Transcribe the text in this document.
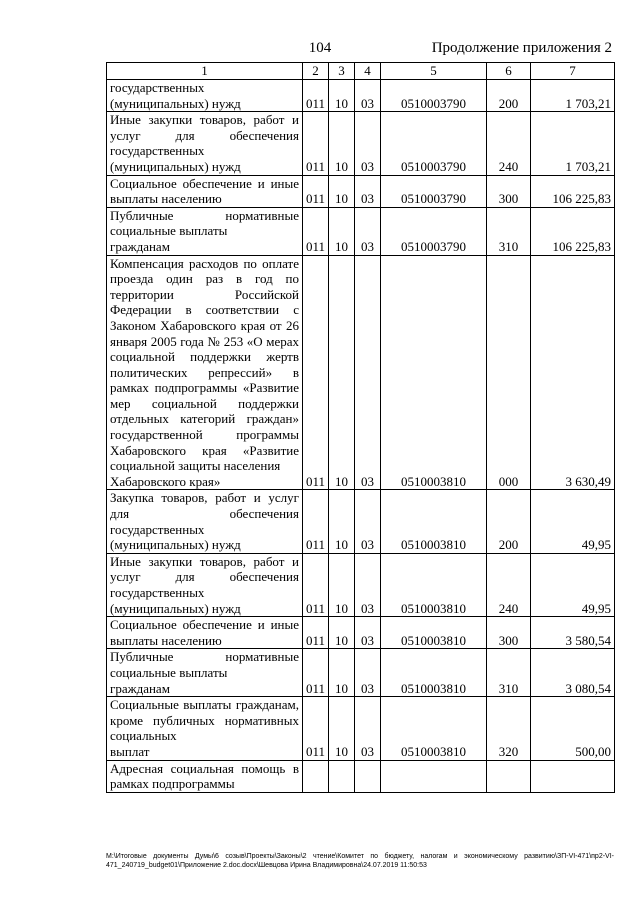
104	Продолжение приложения 2
1	2	3	4	5	6	7
государственных
(муниципальных) нужд	011	10	03	0510003790	200	1 703,21
Иные закупки товаров, работ и услуг для обеспечения государственных
(муниципальных) нужд	011	10	03	0510003790	240	1 703,21
Социальное обеспечение и иные выплаты населению	011	10	03	0510003790	300	106 225,83
Публичные нормативные социальные выплаты
гражданам	011	10	03	0510003790	310	106 225,83
Компенсация расходов по оплате проезда один раз в год по территории Российской Федерации в соответствии с Законом Хабаровского края от 26 января 2005 года № 253 «О мерах социальной поддержки жертв политических репрессий» в рамках подпрограммы «Развитие мер социальной поддержки отдельных категорий граждан» государственной программы Хабаровского края «Развитие социальной защиты населения
Хабаровского края»	011	10	03	0510003810	000	3 630,49
Закупка товаров, работ и услуг для обеспечения государственных
(муниципальных) нужд	011	10	03	0510003810	200	49,95
Иные закупки товаров, работ и услуг для обеспечения государственных
(муниципальных) нужд	011	10	03	0510003810	240	49,95
Социальное обеспечение и иные выплаты населению	011	10	03	0510003810	300	3 580,54
Публичные нормативные социальные выплаты
гражданам	011	10	03	0510003810	310	3 080,54
Социальные выплаты гражданам, кроме публичных нормативных социальных
выплат	011	10	03	0510003810	320	500,00
Адресная социальная помощь в рамках подпрограммы						
М:\Итоговые документы Думы\6 созыв\Проекты\Законы\2 чтение\Комитет по бюджету, налогам и экономическому развитию\ЗП-VI-471\пр2-VI-471_240719_budget01\Приложение 2.doc.docx\Шевцова Ирина Владимировна\24.07.2019 11:50:53
